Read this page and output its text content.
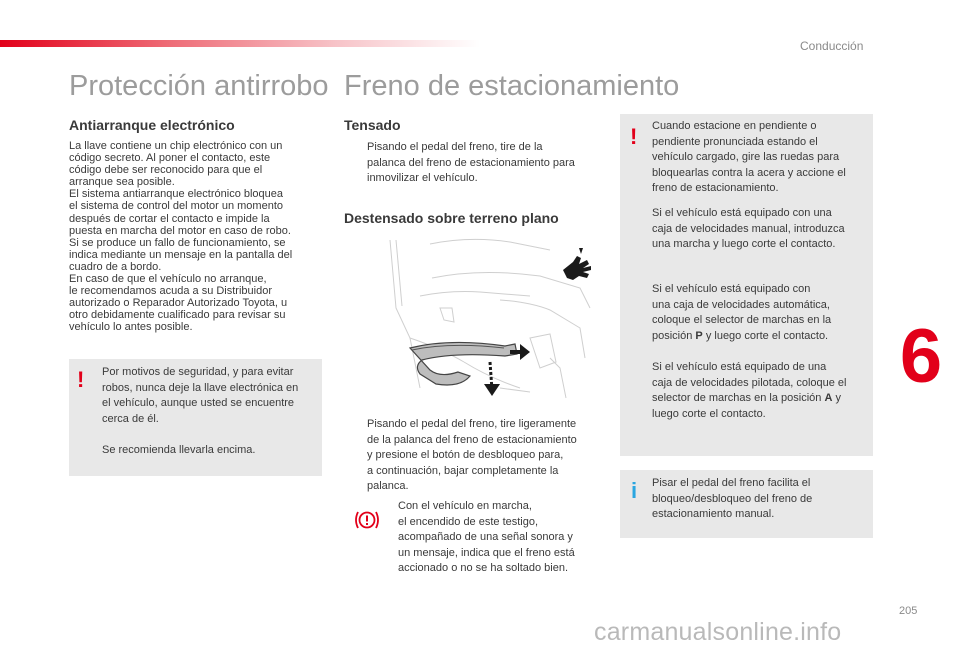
Conducción
6
Protección antirrobo
Antiarranque electrónico
La llave contiene un chip electrónico con un
código secreto. Al poner el contacto, este
código debe ser reconocido para que el
arranque sea posible.
El sistema antiarranque electrónico bloquea
el sistema de control del motor un momento
después de cortar el contacto e impide la
puesta en marcha del motor en caso de robo.
Si se produce un fallo de funcionamiento, se
indica mediante un mensaje en la pantalla del
cuadro de a bordo.
En caso de que el vehículo no arranque,
le recomendamos acuda a su Distribuidor
autorizado o Reparador Autorizado Toyota, u
otro debidamente cualificado para revisar su
vehículo lo antes posible.
! Por motivos de seguridad, y para evitar
robos, nunca deje la llave electrónica en
el vehículo, aunque usted se encuentre
cerca de él.
Se recomienda llevarla encima.
Freno de estacionamiento
Tensado
Pisando el pedal del freno, tire de la
palanca del freno de estacionamiento para
inmovilizar el vehículo.
Destensado sobre terreno plano
Pisando el pedal del freno, tire ligeramente
de la palanca del freno de estacionamiento
y presione el botón de desbloqueo para,
a continuación, bajar completamente la
palanca.
Con el vehículo en marcha,
el encendido de este testigo,
acompañado de una señal sonora y
un mensaje, indica que el freno está
accionado o no se ha soltado bien.
! Cuando estacione en pendiente o
pendiente pronunciada estando el
vehículo cargado, gire las ruedas para
bloquearlas contra la acera y accione el
freno de estacionamiento.
Si el vehículo está equipado con una
caja de velocidades manual, introduzca
una marcha y luego corte el contacto.
Si el vehículo está equipado con
una caja de velocidades automática,
coloque el selector de marchas en la
posición P y luego corte el contacto.
Si el vehículo está equipado de una
caja de velocidades pilotada, coloque el
selector de marchas en la posición A y
luego corte el contacto.
i Pisar el pedal del freno facilita el
bloqueo/desbloqueo del freno de
estacionamiento manual.
205
carmanualsonline.info
